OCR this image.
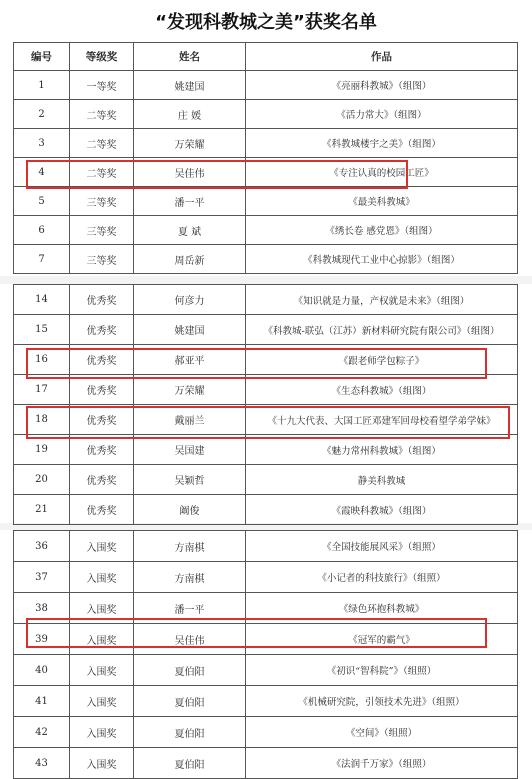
“发现科教城之美”获奖名单
编号	等级奖	姓名	作品
1	一等奖	姚建国	《亮丽科教城》（组图）
2	二等奖	庄 媛	《活力常大》（组图）
3	二等奖	万荣耀	《科教城楼宇之美》（组图）
4	二等奖	吴佳伟	《专注认真的校园工匠》
5	三等奖	潘一平	《最美科教城》
6	三等奖	夏 斌	《绣长卷 感党恩》（组图）
7	三等奖	周岳新	《科教城现代工业中心掠影》（组图）
14	优秀奖	何彦力	《知识就是力量，产权就是未来》（组图）
15	优秀奖	姚建国	《科教城-联弘（江苏）新材料研究院有限公司》（组图）
16	优秀奖	郝亚平	《跟老师学包粽子》
17	优秀奖	万荣耀	《生态科教城》（组图）
18	优秀奖	戴丽兰	《十九大代表、大国工匠邓建军回母校看望学弟学妹》
19	优秀奖	吴国建	《魅力常州科教城》（组图）
20	优秀奖	吴颖哲	静美科教城
21	优秀奖	阚俊	《霞映科教城》（组图）
36	入围奖	方南棋	《全国技能展风采》（组照）
37	入围奖	方南棋	《小记者的科技旅行》（组照）
38	入围奖	潘一平	《绿色环抱科教城》
39	入围奖	吴佳伟	《冠军的霸气》
40	入围奖	夏伯阳	《初识“智科院”》（组照）
41	入围奖	夏伯阳	《机械研究院，引领技术先进》（组照）
42	入围奖	夏伯阳	《空间》（组照）
43	入围奖	夏伯阳	《法润千万家》（组照）
